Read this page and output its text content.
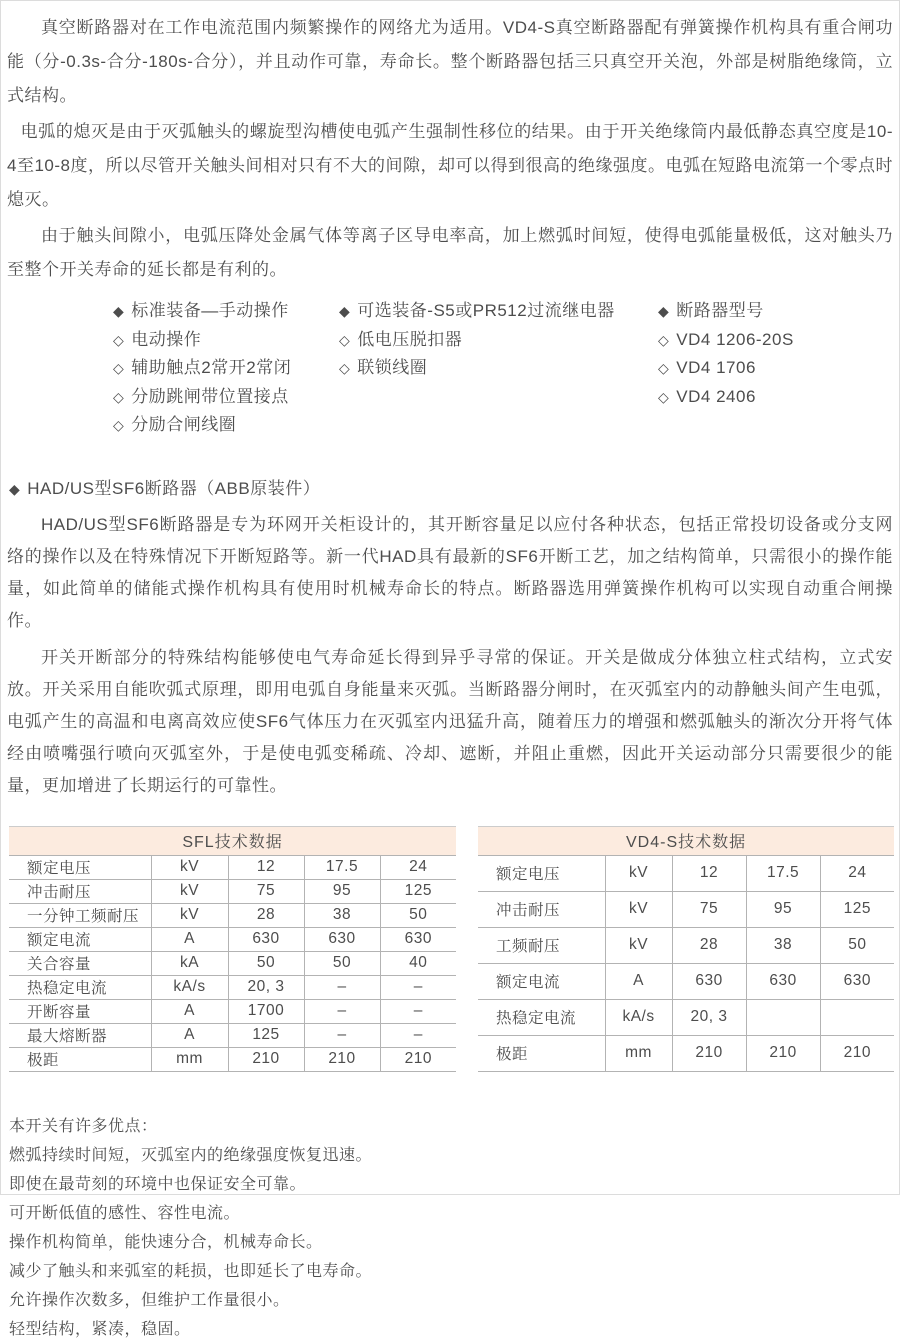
真空断路器对在工作电流范围内频繁操作的网络尤为适用。VD4-S真空断路器配有弹簧操作机构具有重合闸功能（分-0.3s-合分-180s-合分），并且动作可靠，寿命长。整个断路器包括三只真空开关泡，外部是树脂绝缘筒，立式结构。

电弧的熄灭是由于灭弧触头的螺旋型沟槽使电弧产生强制性移位的结果。由于开关绝缘筒内最低静态真空度是10-4至10-8度，所以尽管开关触头间相对只有不大的间隙，却可以得到很高的绝缘强度。电弧在短路电流第一个零点时熄灭。

由于触头间隙小，电弧压降处金属气体等离子区导电率高，加上燃弧时间短，使得电弧能量极低，这对触头乃至整个开关寿命的延长都是有利的。

◆ 标准装备—手动操作
◇ 电动操作
◇ 辅助触点2常开2常闭
◇ 分励跳闸带位置接点
◇ 分励合闸线圈
◆ 可选装备-S5或PR512过流继电器
◇ 低电压脱扣器
◇ 联锁线圈
◆ 断路器型号
◇ VD4 1206-20S
◇ VD4 1706
◇ VD4 2406
◆ HAD/US型SF6断路器（ABB原装件）

HAD/US型SF6断路器是专为环网开关柜设计的，其开断容量足以应付各种状态，包括正常投切设备或分支网络的操作以及在特殊情况下开断短路等。新一代HAD具有最新的SF6开断工艺，加之结构简单，只需很小的操作能量，如此简单的储能式操作机构具有使用时机械寿命长的特点。断路器选用弹簧操作机构可以实现自动重合闸操作。

开关开断部分的特殊结构能够使电气寿命延长得到异乎寻常的保证。开关是做成分体独立柱式结构，立式安放。开关采用自能吹弧式原理，即用电弧自身能量来灭弧。当断路器分闸时，在灭弧室内的动静触头间产生电弧，电弧产生的高温和电离高效应使SF6气体压力在灭弧室内迅猛升高，随着压力的增强和燃弧触头的渐次分开将气体经由喷嘴强行喷向灭弧室外，于是使电弧变稀疏、冷却、遮断，并阻止重燃，因此开关运动部分只需要很少的能量，更加增进了长期运行的可靠性。

SFL技术数据				
额定电压	kV	12	17.5	24
冲击耐压	kV	75	95	125
一分钟工频耐压	kV	28	38	50
额定电流	A	630	630	630
关合容量	kA	50	50	40
热稳定电流	kA/s	20, 3	–	–
开断容量	A	1700	–	–
最大熔断器	A	125	–	–
极距	mm	210	210	210
VD4-S技术数据				
额定电压	kV	12	17.5	24
冲击耐压	kV	75	95	125
工频耐压	kV	28	38	50
额定电流	A	630	630	630
热稳定电流	kA/s	20, 3		
极距	mm	210	210	210
本开关有许多优点：
燃弧持续时间短，灭弧室内的绝缘强度恢复迅速。
即使在最苛刻的环境中也保证安全可靠。
可开断低值的感性、容性电流。
操作机构简单，能快速分合，机械寿命长。
减少了触头和来弧室的耗损，也即延长了电寿命。
允许操作次数多，但维护工作量很小。
轻型结构，紧凑，稳固。
